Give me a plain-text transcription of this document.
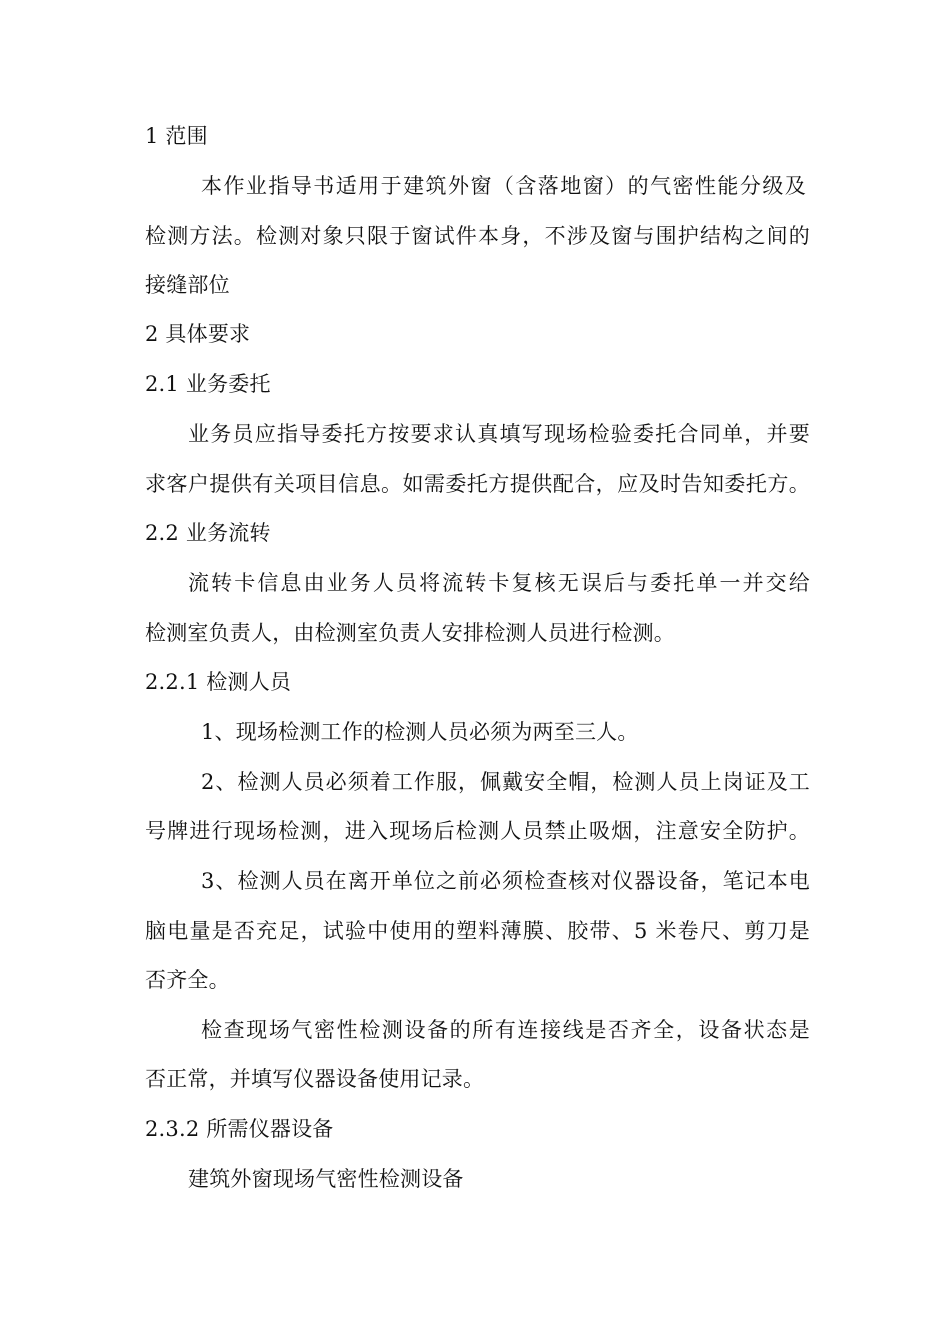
1 范围
本作业指导书适用于建筑外窗（含落地窗）的气密性能分级及
检测方法。检测对象只限于窗试件本身，不涉及窗与围护结构之间的
接缝部位
2 具体要求
2.1 业务委托
业务员应指导委托方按要求认真填写现场检验委托合同单，并要
求客户提供有关项目信息。如需委托方提供配合，应及时告知委托方。
2.2 业务流转
流转卡信息由业务人员将流转卡复核无误后与委托单一并交给
检测室负责人，由检测室负责人安排检测人员进行检测。
2.2.1 检测人员
1、现场检测工作的检测人员必须为两至三人。
2、检测人员必须着工作服，佩戴安全帽，检测人员上岗证及工
号牌进行现场检测，进入现场后检测人员禁止吸烟，注意安全防护。
3、检测人员在离开单位之前必须检查核对仪器设备，笔记本电
脑电量是否充足，试验中使用的塑料薄膜、胶带、5 米卷尺、剪刀是
否齐全。
检查现场气密性检测设备的所有连接线是否齐全，设备状态是
否正常，并填写仪器设备使用记录。
2.3.2 所需仪器设备
建筑外窗现场气密性检测设备
